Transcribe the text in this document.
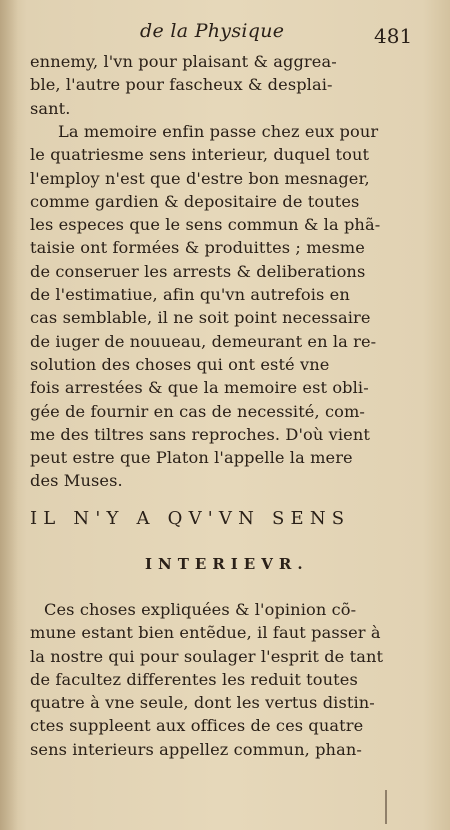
de la Physique	481
ennemy, l'vn pour plaisant & aggrea-
ble, l'autre pour fascheux & desplai-
sant.
La memoire enfin passe chez eux pour
le quatriesme sens interieur, duquel tout
l'employ n'est que d'estre bon mesnager,
comme gardien & depositaire de toutes
les especes que le sens commun & la phã-
taisie ont formées & produittes ; mesme
de conseruer les arrests & deliberations
de l'estimatiue, afin qu'vn autrefois en
cas semblable, il ne soit point necessaire
de iuger de nouueau, demeurant en la re-
solution des choses qui ont esté vne
fois arrestées & que la memoire est obli-
gée de fournir en cas de necessité, com-
me des tiltres sans reproches. D'où vient
peut estre que Platon l'appelle la mere
des Muses.
IL N'Y A QV'VN SENS
INTERIEVR.
Ces choses expliquées & l'opinion cõ-
mune estant bien entẽdue, il faut passer à
la nostre qui pour soulager l'esprit de tant
de facultez differentes les reduit toutes
quatre à vne seule, dont les vertus distin-
ctes suppleent aux offices de ces quatre
sens interieurs appellez commun, phan-
